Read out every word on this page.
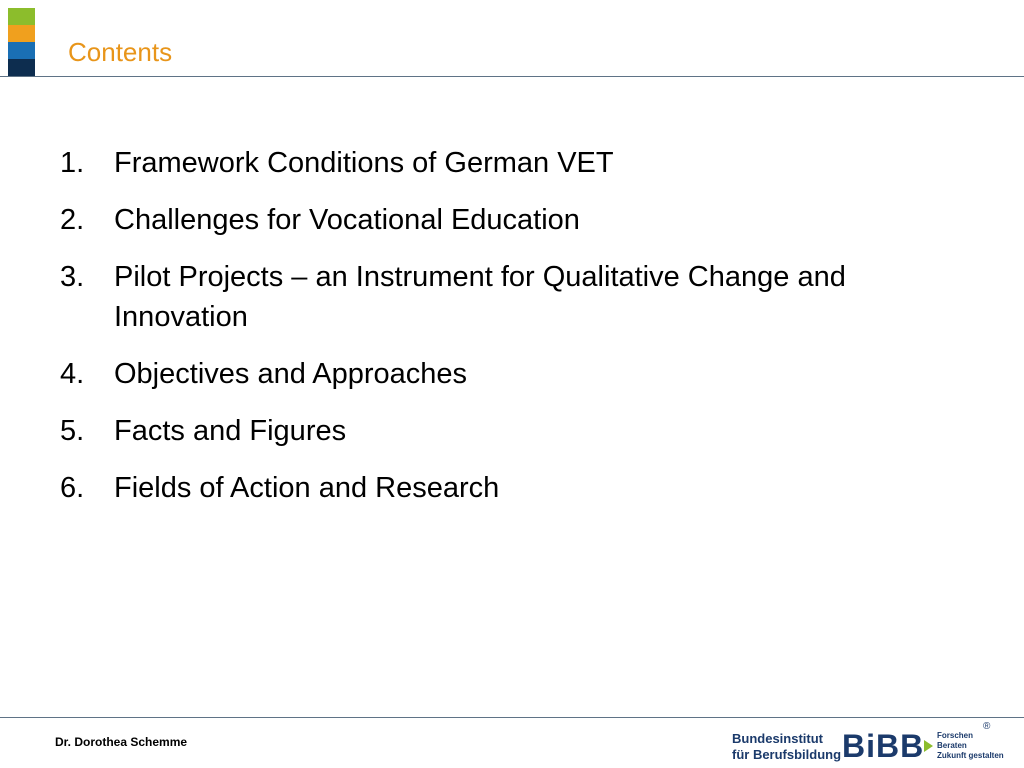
Contents
1. Framework Conditions of German VET
2. Challenges for Vocational Education
3. Pilot Projects – an Instrument for Qualitative Change and Innovation
4. Objectives and Approaches
5. Facts and Figures
6. Fields of Action and Research
Dr. Dorothea Schemme	Bundesinstitut
für Berufsbildung BiBB Forschen
Beraten
Zukunft gestalten
®
